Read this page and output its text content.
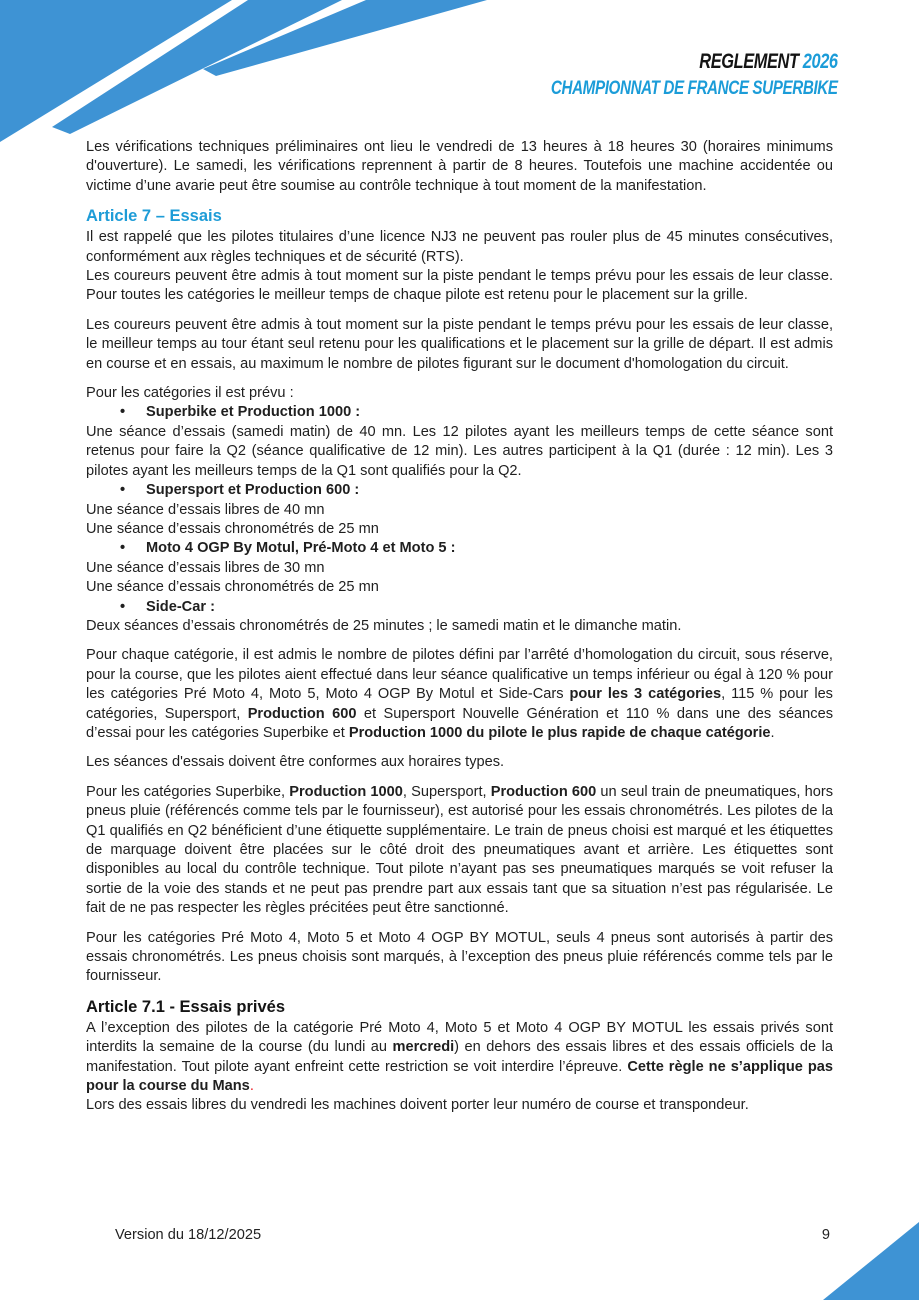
REGLEMENT 2026
CHAMPIONNAT DE FRANCE SUPERBIKE

Les vérifications techniques préliminaires ont lieu le vendredi de 13 heures à 18 heures 30 (horaires minimums d'ouverture). Le samedi, les vérifications reprennent à partir de 8 heures. Toutefois une machine accidentée ou victime d’une avarie peut être soumise au contrôle technique à tout moment de la manifestation.

Article 7 – Essais

Il est rappelé que les pilotes titulaires d’une licence NJ3 ne peuvent pas rouler plus de 45 minutes consécutives, conformément aux règles techniques et de sécurité (RTS).

Les coureurs peuvent être admis à tout moment sur la piste pendant le temps prévu pour les essais de leur classe. Pour toutes les catégories le meilleur temps de chaque pilote est retenu pour le placement sur la grille.

Les coureurs peuvent être admis à tout moment sur la piste pendant le temps prévu pour les essais de leur classe, le meilleur temps au tour étant seul retenu pour les qualifications et le placement sur la grille de départ. Il est admis en course et en essais, au maximum le nombre de pilotes figurant sur le document d'homologation du circuit.

Pour les catégories il est prévu :

•	Superbike et Production 1000 :

Une séance d’essais (samedi matin) de 40 mn. Les 12 pilotes ayant les meilleurs temps de cette séance sont retenus pour faire la Q2 (séance qualificative de 12 min). Les autres participent à la Q1 (durée : 12 min). Les 3 pilotes ayant les meilleurs temps de la Q1 sont qualifiés pour la Q2.

•	Supersport et Production 600 :

Une séance d’essais libres de 40 mn

Une séance d’essais chronométrés de 25 mn

•	Moto 4 OGP By Motul, Pré-Moto 4 et Moto 5 :

Une séance d’essais libres de 30 mn

Une séance d’essais chronométrés de 25 mn

•	Side-Car :

Deux séances d’essais chronométrés de 25 minutes ; le samedi matin et le dimanche matin.

Pour chaque catégorie, il est admis le nombre de pilotes défini par l’arrêté d’homologation du circuit, sous réserve, pour la course, que les pilotes aient effectué dans leur séance qualificative un temps inférieur ou égal à 120 % pour les catégories Pré Moto 4, Moto 5, Moto 4 OGP By Motul et Side-Cars pour les 3 catégories, 115 % pour les catégories, Supersport, Production 600 et Supersport Nouvelle Génération et 110 % dans une des séances d’essai pour les catégories Superbike et Production 1000 du pilote le plus rapide de chaque catégorie.

Les séances d'essais doivent être conformes aux horaires types.

Pour les catégories Superbike, Production 1000, Supersport, Production 600 un seul train de pneumatiques, hors pneus pluie (référencés comme tels par le fournisseur), est autorisé pour les essais chronométrés. Les pilotes de la Q1 qualifiés en Q2 bénéficient d’une étiquette supplémentaire. Le train de pneus choisi est marqué et les étiquettes de marquage doivent être placées sur le côté droit des pneumatiques avant et arrière. Les étiquettes sont disponibles au local du contrôle technique. Tout pilote n’ayant pas ses pneumatiques marqués se voit refuser la sortie de la voie des stands et ne peut pas prendre part aux essais tant que sa situation n’est pas régularisée. Le fait de ne pas respecter les règles précitées peut être sanctionné.

Pour les catégories Pré Moto 4, Moto 5 et Moto 4 OGP BY MOTUL, seuls 4 pneus sont autorisés à partir des essais chronométrés. Les pneus choisis sont marqués, à l’exception des pneus pluie référencés comme tels par le fournisseur.

Article 7.1 - Essais privés

A l’exception des pilotes de la catégorie Pré Moto 4, Moto 5 et Moto 4 OGP BY MOTUL les essais privés sont interdits la semaine de la course (du lundi au mercredi) en dehors des essais libres et des essais officiels de la manifestation. Tout pilote ayant enfreint cette restriction se voit interdire l’épreuve. Cette règle ne s’applique pas pour la course du Mans.

Lors des essais libres du vendredi les machines doivent porter leur numéro de course et transpondeur.

Version du 18/12/2025	9
